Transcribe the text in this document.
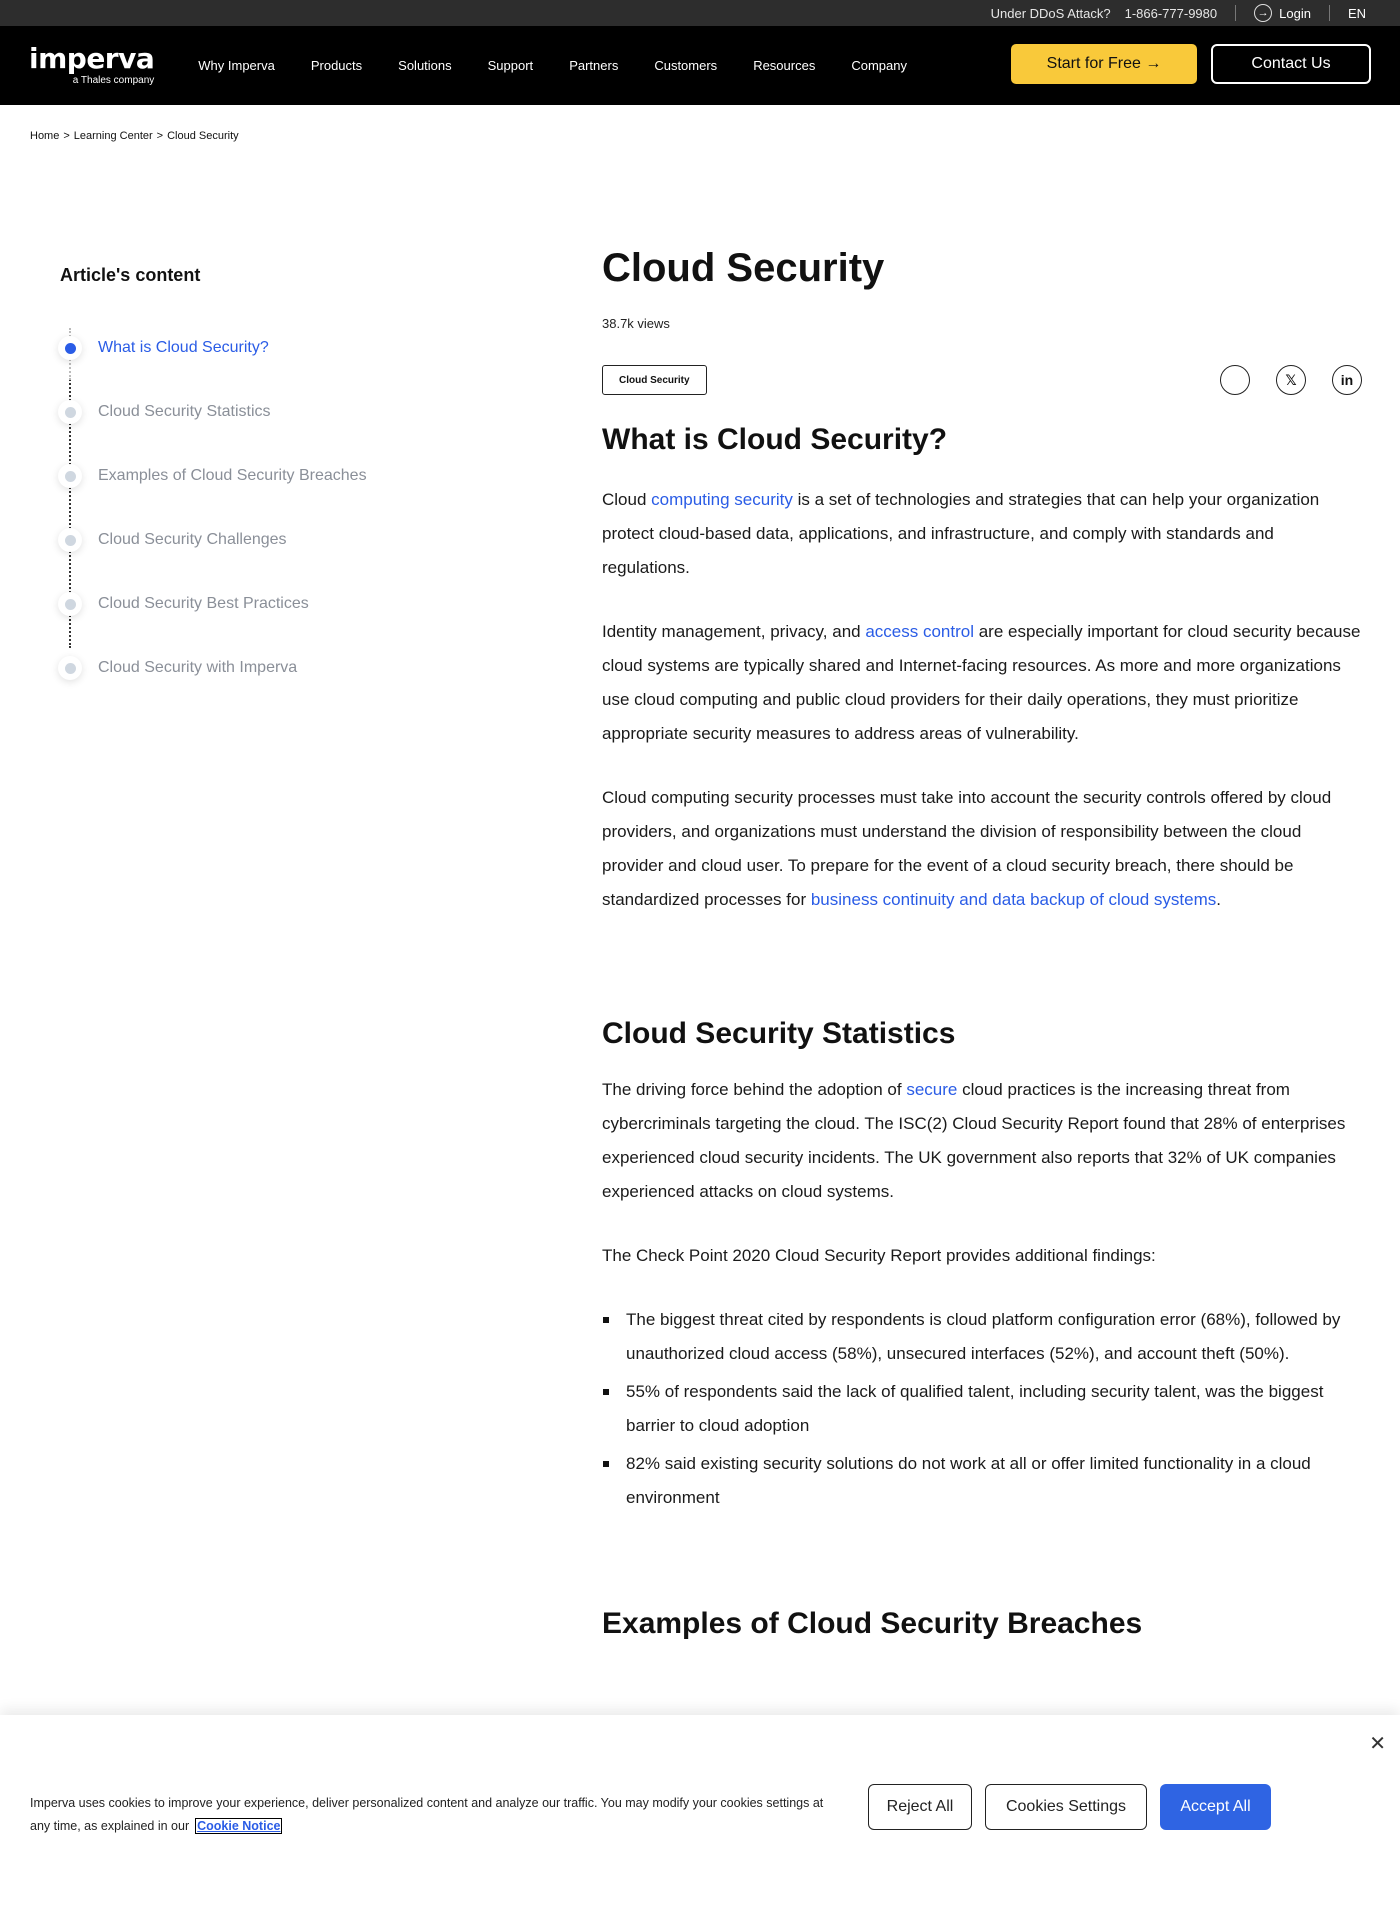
Under DDoS Attack? 1-866-777-9980	→ Login	EN
imperva
a Thales company
Why Imperva	Products	Solutions	Support	Partners	Customers	Resources	Company	Start for Free →	Contact Us
Home > Learning Center > Cloud Security
Article's content
What is Cloud Security?
Cloud Security Statistics
Examples of Cloud Security Breaches
Cloud Security Challenges
Cloud Security Best Practices
Cloud Security with Imperva
Cloud Security
38.7k views
Cloud Security	𝕏	in
What is Cloud Security?

Cloud computing security is a set of technologies and strategies that can help your organization protect cloud-based data, applications, and infrastructure, and comply with standards and regulations.

Identity management, privacy, and access control are especially important for cloud security because cloud systems are typically shared and Internet-facing resources. As more and more organizations use cloud computing and public cloud providers for their daily operations, they must prioritize appropriate security measures to address areas of vulnerability.

Cloud computing security processes must take into account the security controls offered by cloud providers, and organizations must understand the division of responsibility between the cloud provider and cloud user. To prepare for the event of a cloud security breach, there should be standardized processes for business continuity and data backup of cloud systems.

Cloud Security Statistics

The driving force behind the adoption of secure cloud practices is the increasing threat from cybercriminals targeting the cloud. The ISC(2) Cloud Security Report found that 28% of enterprises experienced cloud security incidents. The UK government also reports that 32% of UK companies experienced attacks on cloud systems.

The Check Point 2020 Cloud Security Report provides additional findings:

The biggest threat cited by respondents is cloud platform configuration error (68%), followed by unauthorized cloud access (58%), unsecured interfaces (52%), and account theft (50%).
55% of respondents said the lack of qualified talent, including security talent, was the biggest barrier to cloud adoption
82% said existing security solutions do not work at all or offer limited functionality in a cloud environment
Examples of Cloud Security Breaches
✕
Imperva uses cookies to improve your experience, deliver personalized content and analyze our traffic. You may modify your cookies settings at any time, as explained in our Cookie Notice
Reject All	Cookies Settings	Accept All
